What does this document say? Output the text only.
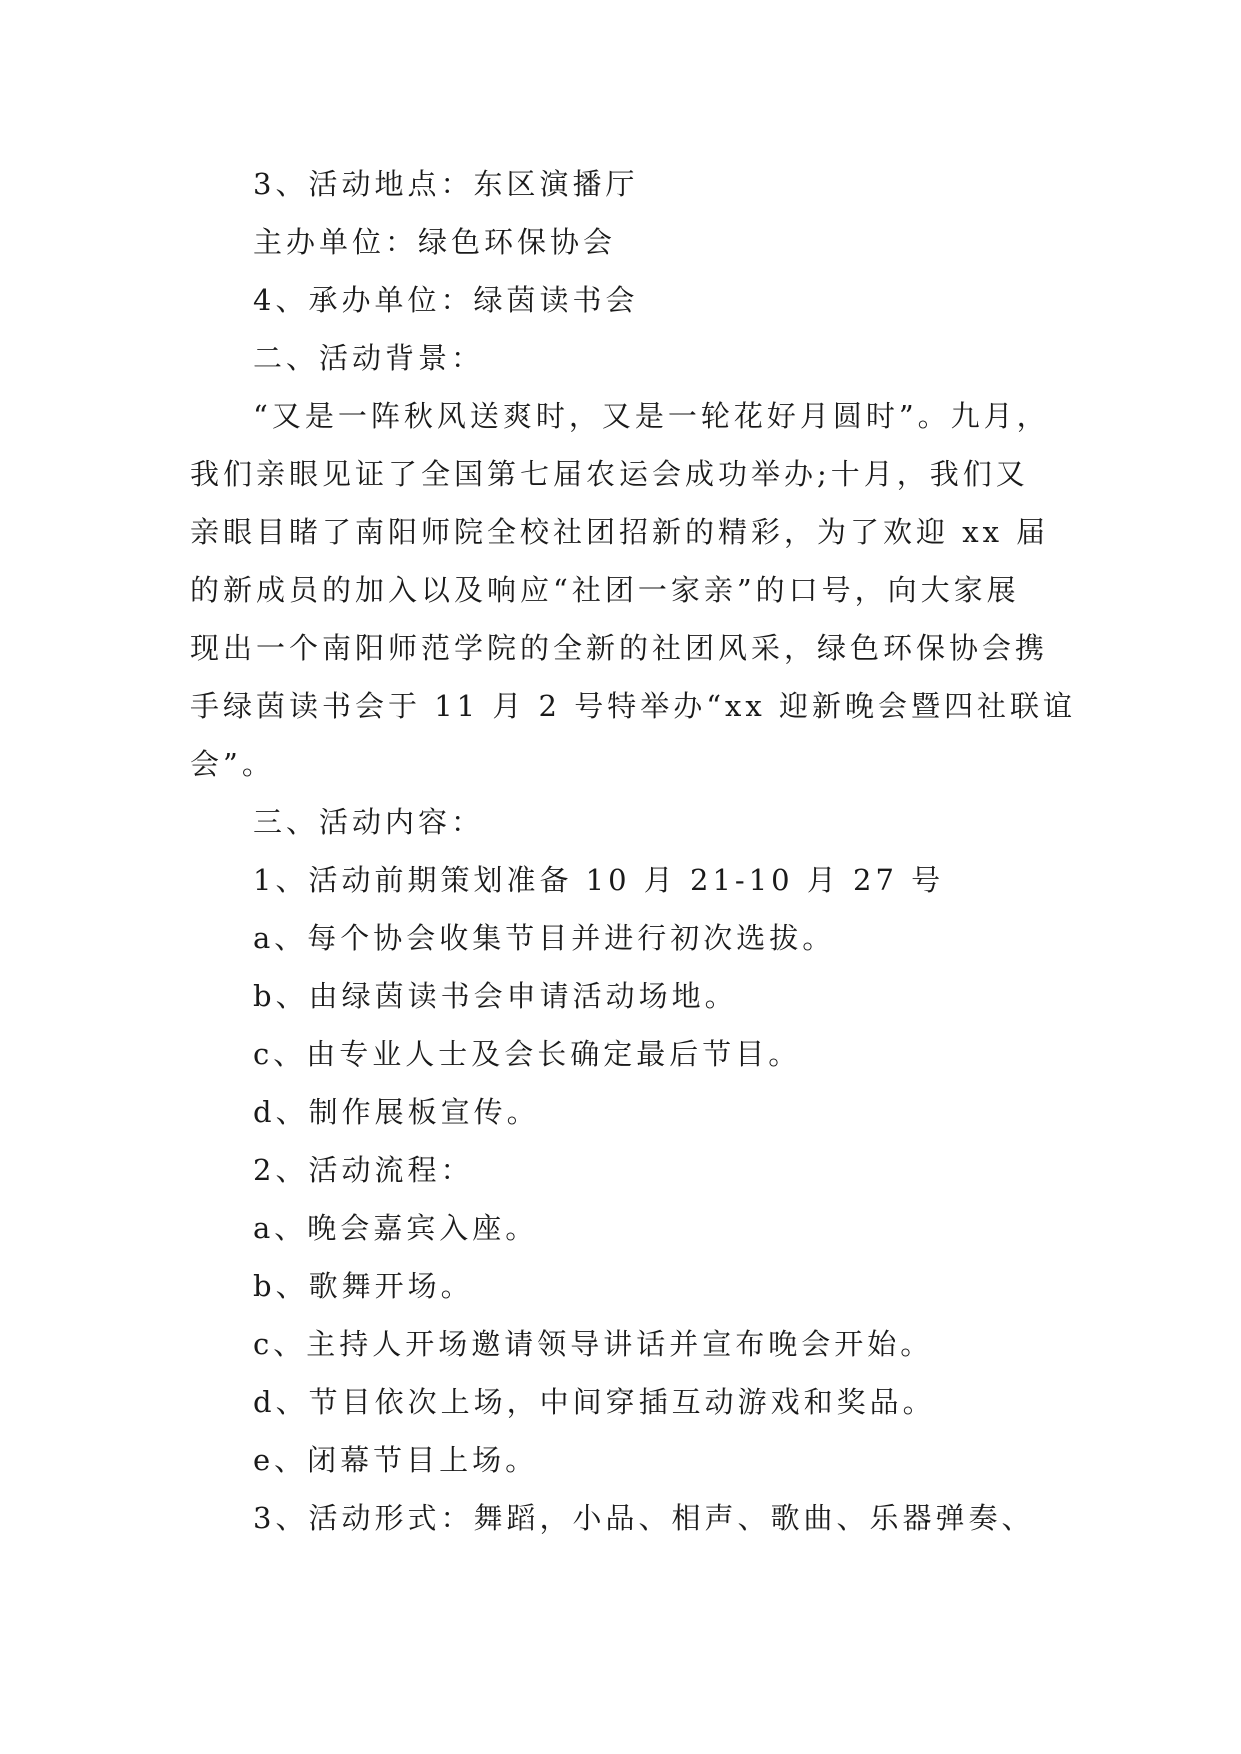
3、活动地点：东区演播厅
主办单位：绿色环保协会
4、承办单位：绿茵读书会
二、活动背景：
“又是一阵秋风送爽时，又是一轮花好月圆时”。九月，
我们亲眼见证了全国第七届农运会成功举办;十月，我们又
亲眼目睹了南阳师院全校社团招新的精彩，为了欢迎 xx 届
的新成员的加入以及响应“社团一家亲”的口号，向大家展
现出一个南阳师范学院的全新的社团风采，绿色环保协会携
手绿茵读书会于 11 月 2 号特举办“xx 迎新晚会暨四社联谊
会”。
三、活动内容：
1、活动前期策划准备 10 月 21-10 月 27 号
a、每个协会收集节目并进行初次选拔。
b、由绿茵读书会申请活动场地。
c、由专业人士及会长确定最后节目。
d、制作展板宣传。
2、活动流程：
a、晚会嘉宾入座。
b、歌舞开场。
c、主持人开场邀请领导讲话并宣布晚会开始。
d、节目依次上场，中间穿插互动游戏和奖品。
e、闭幕节目上场。
3、活动形式：舞蹈，小品、相声、歌曲、乐器弹奏、
